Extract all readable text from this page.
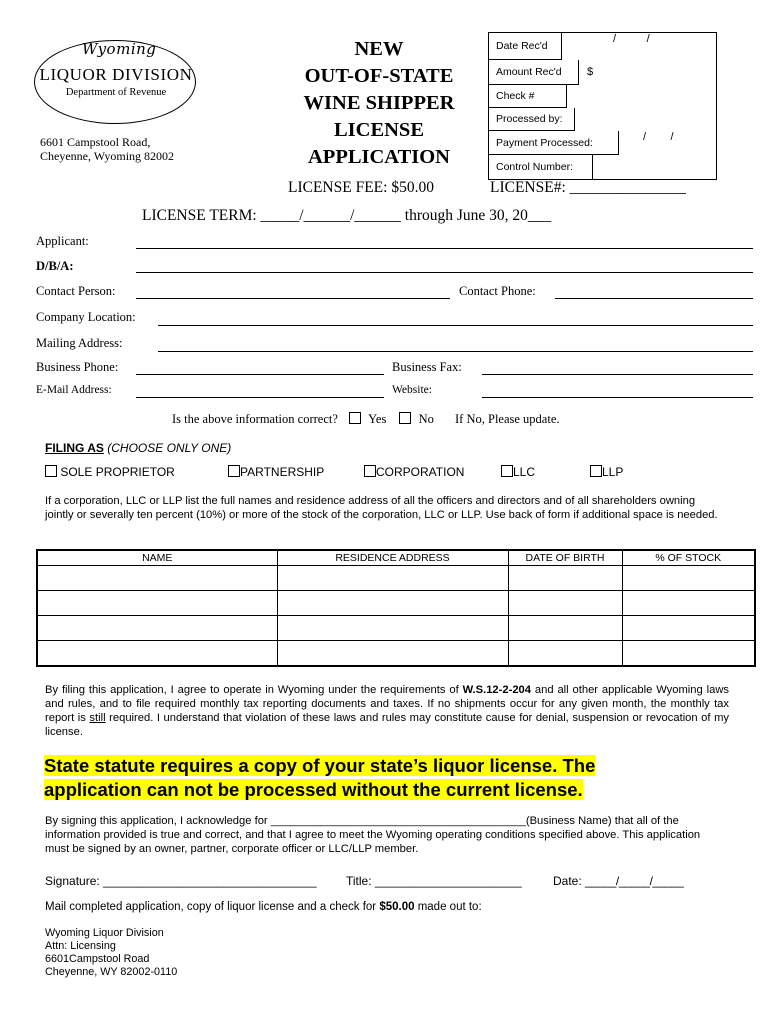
Wyoming
LIQUOR DIVISION
Department of Revenue
6601 Campstool Road,
Cheyenne, Wyoming 82002
NEW
OUT-OF-STATE
WINE SHIPPER
LICENSE
APPLICATION
Date Rec'd
/          /
Amount Rec'd	$
Check #
Processed by:
Payment Processed:	/        /
Control Number:
LICENSE FEE: $50.00	LICENSE#: _______________
LICENSE TERM: _____/______/______ through June 30, 20___
Applicant:
D/B/A:
Contact Person:	Contact Phone:
Company Location:
Mailing Address:
Business Phone:	Business Fax:
E-Mail Address:	Website:
Is the above information correct? Yes	No If No, Please update.
FILING AS (CHOOSE ONLY ONE)
SOLE PROPRIETOR	PARTNERSHIP	CORPORATION	LLC	LLP
If a corporation, LLC or LLP list the full names and residence address of all the officers and directors and of all shareholders owning jointly or severally ten percent (10%) or more of the stock of the corporation, LLC or LLP. Use back of form if additional space is needed.
NAME	RESIDENCE ADDRESS	DATE OF BIRTH	% OF STOCK

By filing this application, I agree to operate in Wyoming under the requirements of W.S.12-2-204 and all other applicable Wyoming laws and rules, and to file required monthly tax reporting documents and taxes. If no shipments occur for any given month, the monthly tax report is still required. I understand that violation of these laws and rules may constitute cause for denial, suspension or revocation of my license.
State statute requires a copy of your state’s liquor license. The
application can not be processed without the current license.
By signing this application, I acknowledge for _________________________________________(Business Name) that all of the information provided is true and correct, and that I agree to meet the Wyoming operating conditions specified above. This application must be signed by an owner, partner, corporate officer or LLC/LLP member.
Signature: ________________________________ Title: ______________________	Date: _____/_____/_____
Mail completed application, copy of liquor license and a check for $50.00 made out to:
Wyoming Liquor Division
Attn: Licensing
6601Campstool Road
Cheyenne, WY 82002-0110
